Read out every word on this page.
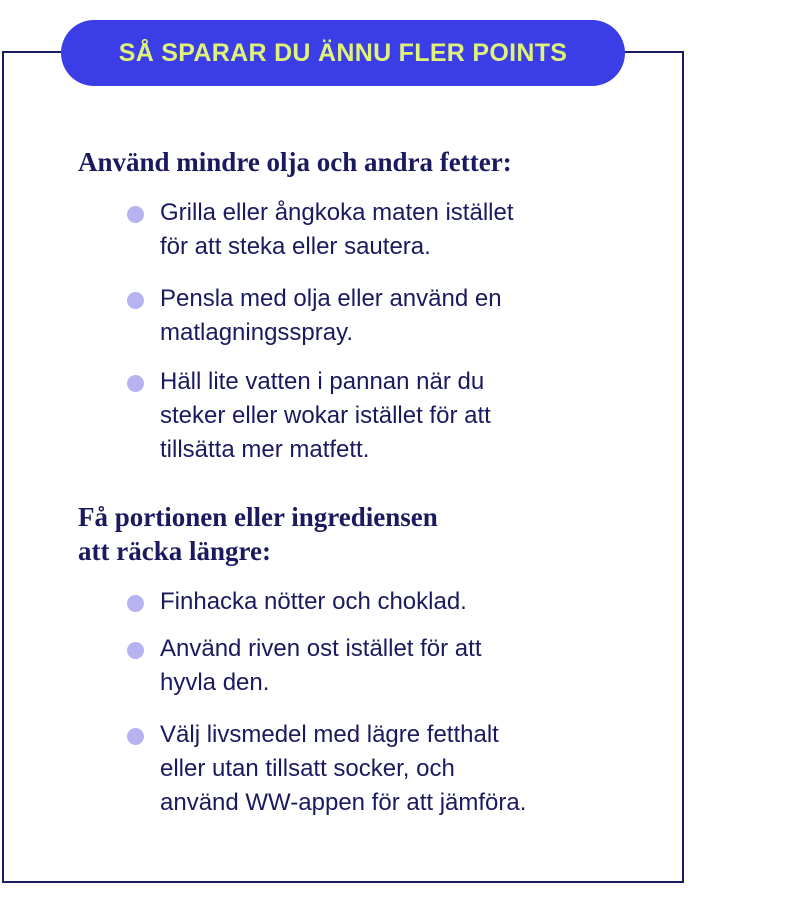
SÅ SPARAR DU ÄNNU FLER POINTS
Använd mindre olja och andra fetter:
Grilla eller ångkoka maten istället
för att steka eller sautera.
Pensla med olja eller använd en
matlagningsspray.
Häll lite vatten i pannan när du
steker eller wokar istället för att
tillsätta mer matfett.
Få portionen eller ingrediensen
att räcka längre:
Finhacka nötter och choklad.
Använd riven ost istället för att
hyvla den.
Välj livsmedel med lägre fetthalt
eller utan tillsatt socker, och
använd WW-appen för att jämföra.
